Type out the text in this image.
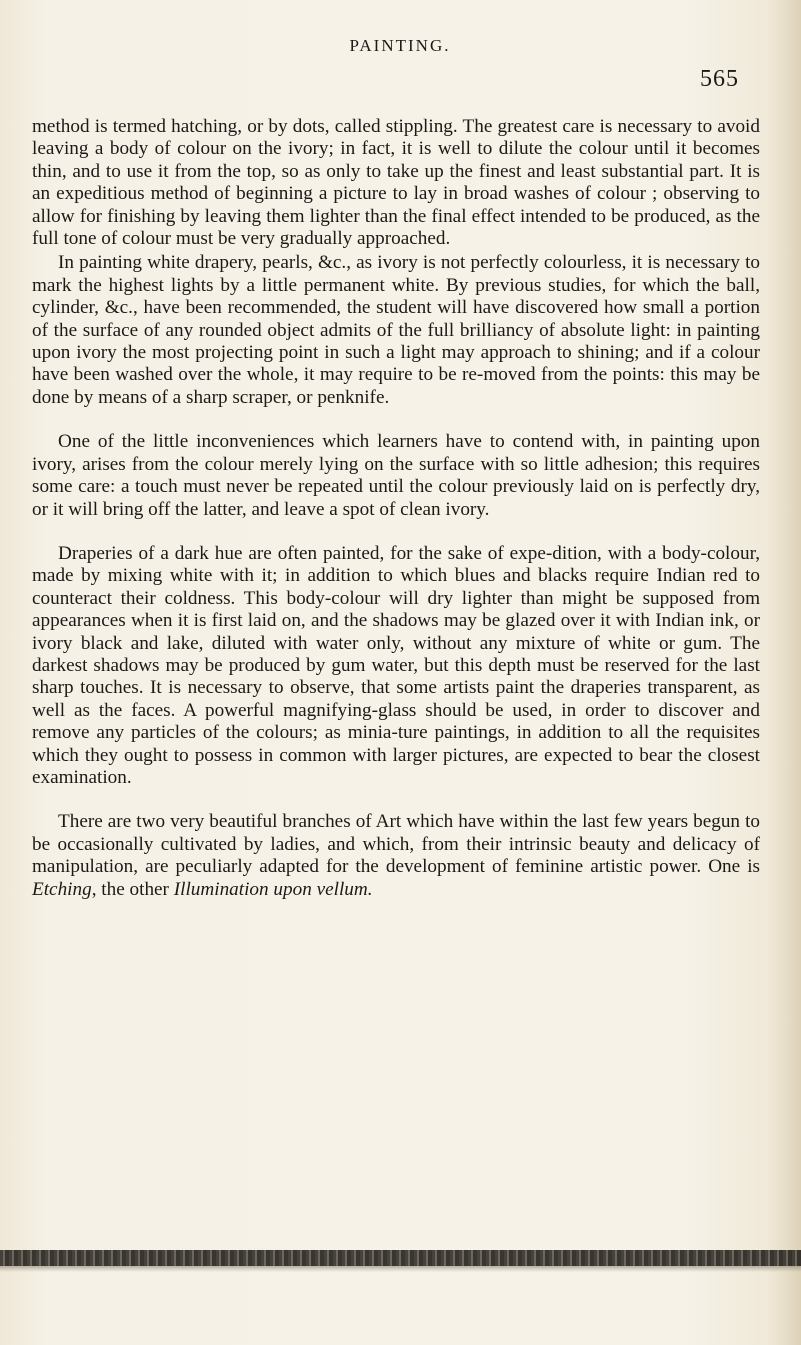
PAINTING.
565

method is termed hatching, or by dots, called stippling. The greatest care is necessary to avoid leaving a body of colour on the ivory; in fact, it is well to dilute the colour until it becomes thin, and to use it from the top, so as only to take up the finest and least substantial part. It is an expeditious method of beginning a picture to lay in broad washes of colour ; observing to allow for finishing by leaving them lighter than the final effect intended to be produced, as the full tone of colour must be very gradually approached.

In painting white drapery, pearls, &c., as ivory is not perfectly colourless, it is necessary to mark the highest lights by a little permanent white. By previous studies, for which the ball, cylinder, &c., have been recommended, the student will have discovered how small a portion of the surface of any rounded object admits of the full brilliancy of absolute light: in painting upon ivory the most projecting point in such a light may approach to shining; and if a colour have been washed over the whole, it may require to be re-moved from the points: this may be done by means of a sharp scraper, or penknife.

One of the little inconveniences which learners have to contend with, in painting upon ivory, arises from the colour merely lying on the surface with so little adhesion; this requires some care: a touch must never be repeated until the colour previously laid on is perfectly dry, or it will bring off the latter, and leave a spot of clean ivory.

Draperies of a dark hue are often painted, for the sake of expe-dition, with a body-colour, made by mixing white with it; in addition to which blues and blacks require Indian red to counteract their coldness. This body-colour will dry lighter than might be supposed from appearances when it is first laid on, and the shadows may be glazed over it with Indian ink, or ivory black and lake, diluted with water only, without any mixture of white or gum. The darkest shadows may be produced by gum water, but this depth must be reserved for the last sharp touches. It is necessary to observe, that some artists paint the draperies transparent, as well as the faces. A powerful magnifying-glass should be used, in order to discover and remove any particles of the colours; as minia-ture paintings, in addition to all the requisites which they ought to possess in common with larger pictures, are expected to bear the closest examination.

There are two very beautiful branches of Art which have within the last few years begun to be occasionally cultivated by ladies, and which, from their intrinsic beauty and delicacy of manipulation, are peculiarly adapted for the development of feminine artistic power. One is Etching, the other Illumination upon vellum.
